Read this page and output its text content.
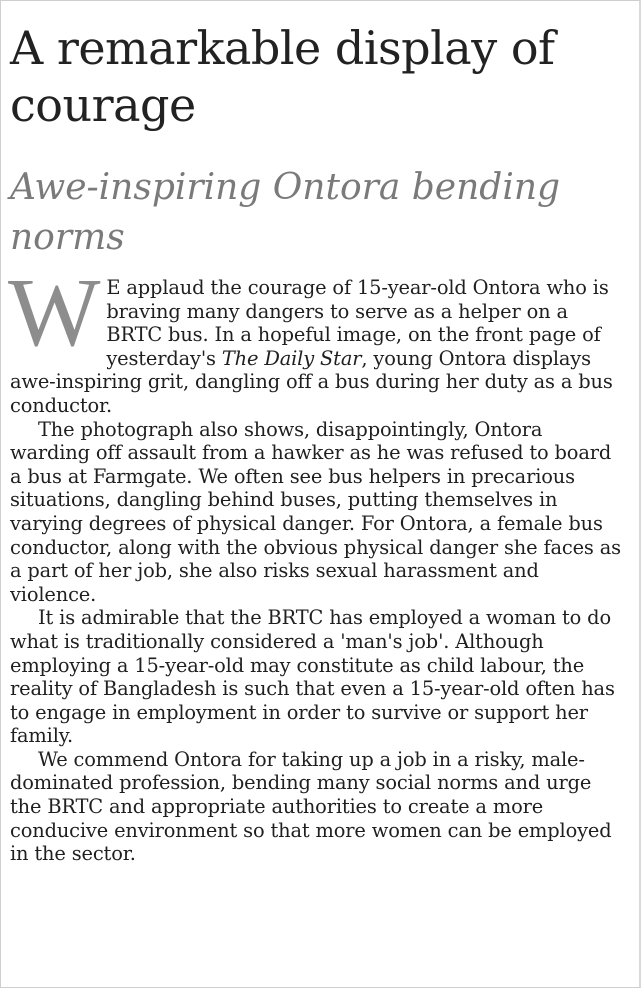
A remarkable display of courage
Awe-inspiring Ontora bending norms

W E applaud the courage of 15-year-old Ontora who is braving many dangers to serve as a helper on a BRTC bus. In a hopeful image, on the front page of yesterday's The Daily Star, young Ontora displays awe-inspiring grit, dangling off a bus during her duty as a bus conductor.

The photograph also shows, disappointingly, Ontora warding off assault from a hawker as he was refused to board a bus at Farmgate. We often see bus helpers in precarious situations, dangling behind buses, putting themselves in varying degrees of physical danger. For Ontora, a female bus conductor, along with the obvious physical danger she faces as a part of her job, she also risks sexual harassment and violence.

It is admirable that the BRTC has employed a woman to do what is traditionally considered a 'man's job'. Although employing a 15-year-old may constitute as child labour, the reality of Bangladesh is such that even a 15-year-old often has to engage in employment in order to survive or support her family.

We commend Ontora for taking up a job in a risky, male-dominated profession, bending many social norms and urge the BRTC and appropriate authorities to create a more conducive environment so that more women can be employed in the sector.
